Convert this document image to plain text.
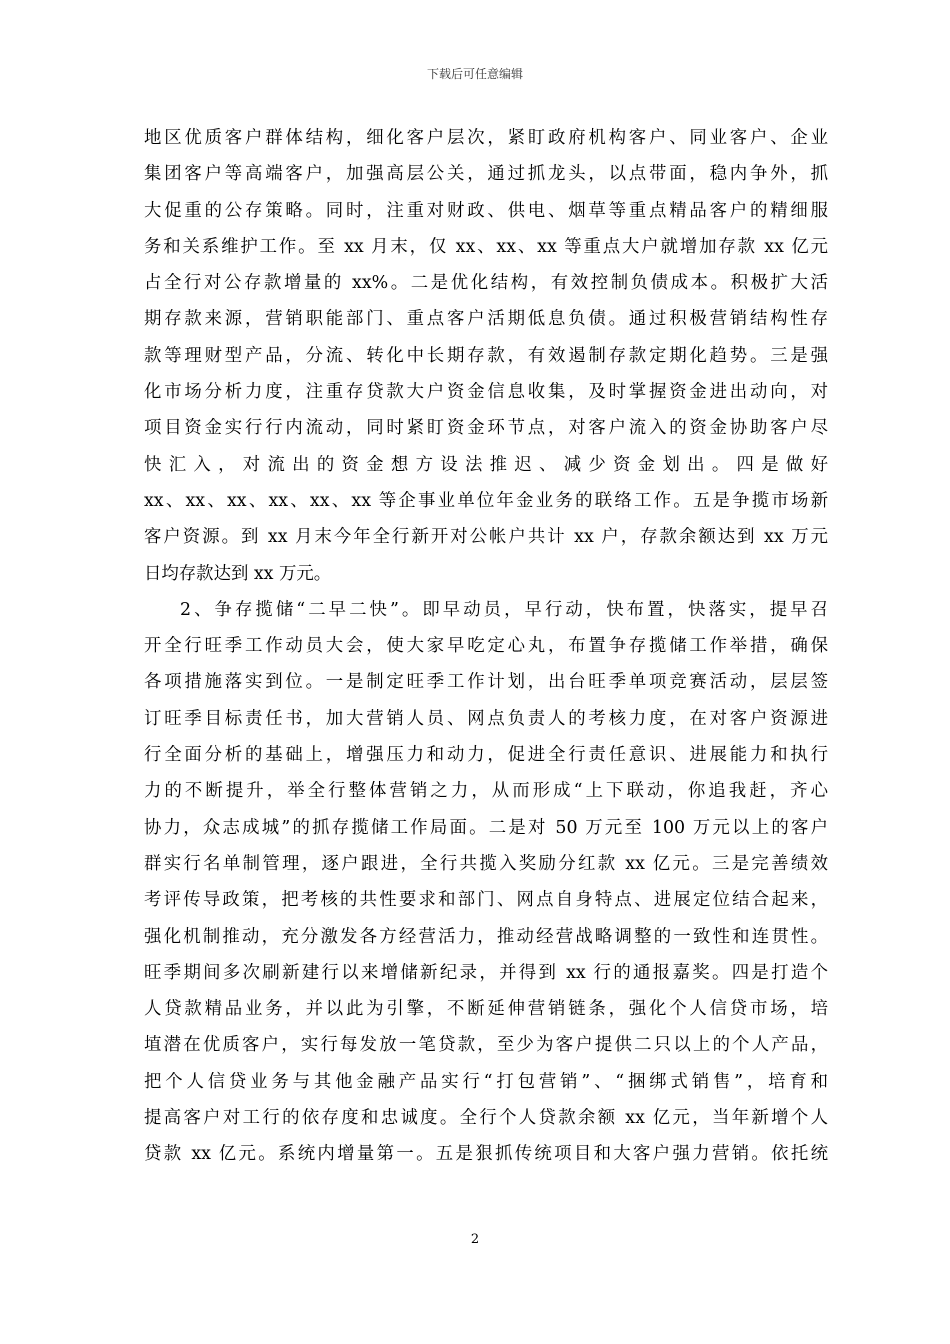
下载后可任意编辑
地区优质客户群体结构，细化客户层次，紧盯政府机构客户、同业客户、企业
集团客户等高端客户，加强高层公关，通过抓龙头，以点带面，稳内争外，抓
大促重的公存策略。同时，注重对财政、供电、烟草等重点精品客户的精细服
务和关系维护工作。至 xx 月末，仅 xx、xx、xx 等重点大户就增加存款 xx 亿元
占全行对公存款增量的 xx%。二是优化结构，有效控制负债成本。积极扩大活
期存款来源，营销职能部门、重点客户活期低息负债。通过积极营销结构性存
款等理财型产品，分流、转化中长期存款，有效遏制存款定期化趋势。三是强
化市场分析力度，注重存贷款大户资金信息收集，及时掌握资金进出动向，对
项目资金实行行内流动，同时紧盯资金环节点，对客户流入的资金协助客户尽
快汇入，对流出的资金想方设法推迟、减少资金划出。四是做好
xx、xx、xx、xx、xx、xx 等企事业单位年金业务的联络工作。五是争揽市场新
客户资源。到 xx 月末今年全行新开对公帐户共计 xx 户，存款余额达到 xx 万元
日均存款达到 xx 万元。
2、争存揽储“二早二快”。即早动员，早行动，快布置，快落实，提早召
开全行旺季工作动员大会，使大家早吃定心丸，布置争存揽储工作举措，确保
各项措施落实到位。一是制定旺季工作计划，出台旺季单项竞赛活动，层层签
订旺季目标责任书，加大营销人员、网点负责人的考核力度，在对客户资源进
行全面分析的基础上，增强压力和动力，促进全行责任意识、进展能力和执行
力的不断提升，举全行整体营销之力，从而形成“上下联动，你追我赶，齐心
协力，众志成城”的抓存揽储工作局面。二是对 50 万元至 100 万元以上的客户
群实行名单制管理，逐户跟进，全行共揽入奖励分红款 xx 亿元。三是完善绩效
考评传导政策，把考核的共性要求和部门、网点自身特点、进展定位结合起来，
强化机制推动，充分激发各方经营活力，推动经营战略调整的一致性和连贯性。
旺季期间多次刷新建行以来增储新纪录，并得到 xx 行的通报嘉奖。四是打造个
人贷款精品业务，并以此为引擎，不断延伸营销链条，强化个人信贷市场，培
埴潜在优质客户，实行每发放一笔贷款，至少为客户提供二只以上的个人产品，
把个人信贷业务与其他金融产品实行“打包营销”、“捆绑式销售”，培育和
提高客户对工行的依存度和忠诚度。全行个人贷款余额 xx 亿元，当年新增个人
贷款 xx 亿元。系统内增量第一。五是狠抓传统项目和大客户强力营销。依托统
2
